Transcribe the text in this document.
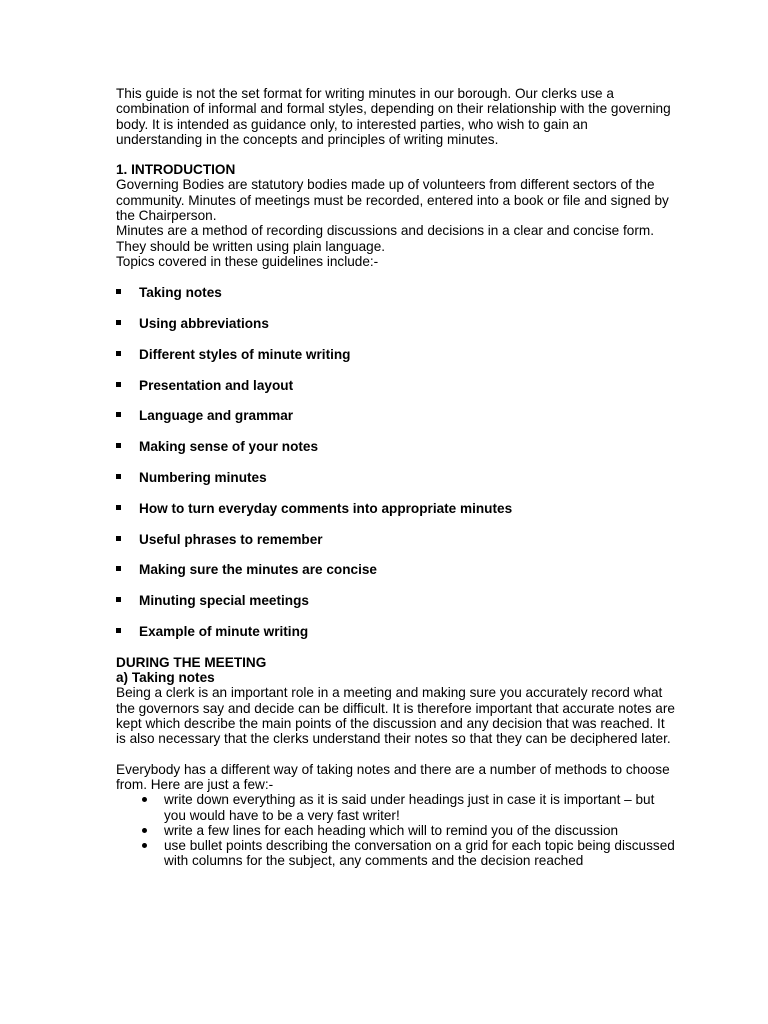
This guide is not the set format for writing minutes in our borough. Our clerks use a combination of informal and formal styles, depending on their relationship with the governing body. It is intended as guidance only, to interested parties, who wish to gain an understanding in the concepts and principles of writing minutes.

1. INTRODUCTION

Governing Bodies are statutory bodies made up of volunteers from different sectors of the community. Minutes of meetings must be recorded, entered into a book or file and signed by the Chairperson.

Minutes are a method of recording discussions and decisions in a clear and concise form. They should be written using plain language.

Topics covered in these guidelines include:-

Taking notes
Using abbreviations
Different styles of minute writing
Presentation and layout
Language and grammar
Making sense of your notes
Numbering minutes
How to turn everyday comments into appropriate minutes
Useful phrases to remember
Making sure the minutes are concise
Minuting special meetings
Example of minute writing

DURING THE MEETING

a) Taking notes

Being a clerk is an important role in a meeting and making sure you accurately record what the governors say and decide can be difficult. It is therefore important that accurate notes are kept which describe the main points of the discussion and any decision that was reached. It is also necessary that the clerks understand their notes so that they can be deciphered later.

Everybody has a different way of taking notes and there are a number of methods to choose from. Here are just a few:-

write down everything as it is said under headings just in case it is important – but you would have to be a very fast writer!
write a few lines for each heading which will to remind you of the discussion
use bullet points describing the conversation on a grid for each topic being discussed with columns for the subject, any comments and the decision reached
